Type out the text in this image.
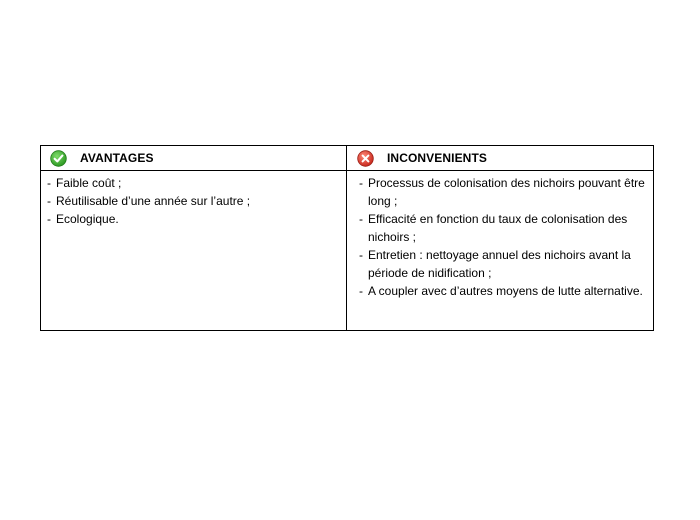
AVANTAGES	INCONVENIENTS
- Faible coût ;
- Réutilisable d’une année sur l’autre ;
- Ecologique.
- Processus de colonisation des nichoirs pouvant être long ;
- Efficacité en fonction du taux de colonisation des nichoirs ;
- Entretien : nettoyage annuel des nichoirs avant la période de nidification ;
- A coupler avec d’autres moyens de lutte alternative.
